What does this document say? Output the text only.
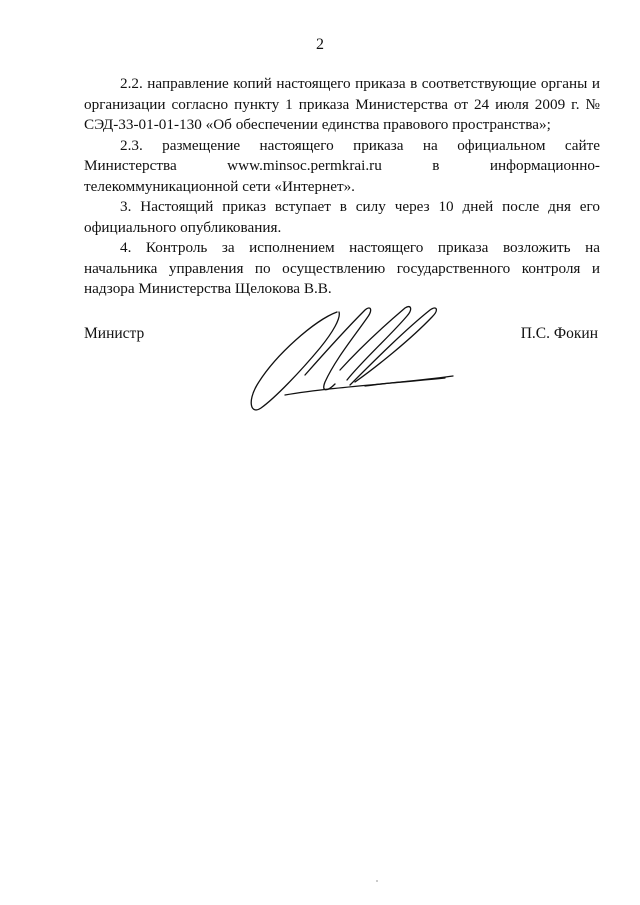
2

2.2. направление копий настоящего приказа в соответствующие органы и организации согласно пункту 1 приказа Министерства от 24 июля 2009 г. № СЭД-33-01-01-130 «Об обеспечении единства правового пространства»;

2.3. размещение настоящего приказа на официальном сайте Министерства www.minsoc.permkrai.ru в информационно-телекоммуникационной сети «Интернет».

3. Настоящий приказ вступает в силу через 10 дней после дня его официального опубликования.

4. Контроль за исполнением настоящего приказа возложить на начальника управления по осуществлению государственного контроля и надзора Министерства Щелокова В.В.

Министр	П.С. Фокин
